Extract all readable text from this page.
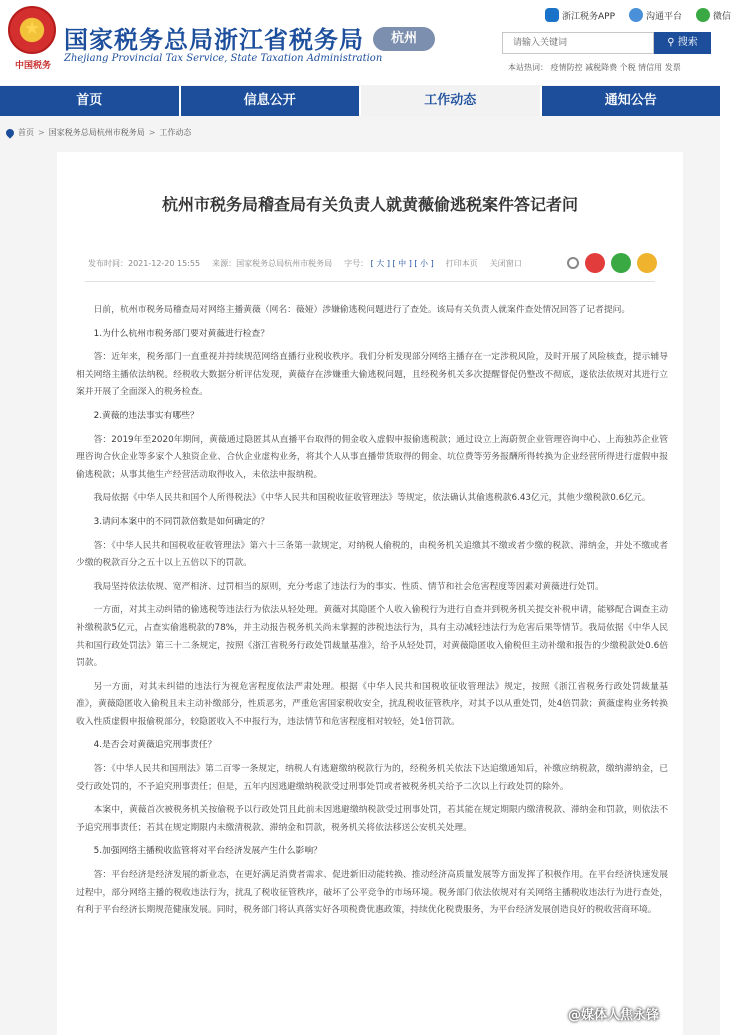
★
中国税务
国家税务总局浙江省税务局
Zhejiang Provincial Tax Service, State Taxation Administration
杭州
浙江税务APP	沟通平台	微信
请输入关键词	⚲ 搜索
本站热词： 疫情防控 减税降费 个税 情信用 发票
首页	信息公开	工作动态	通知公告
首页 > 国家税务总局杭州市税务局 > 工作动态
杭州市税务局稽查局有关负责人就黄薇偷逃税案件答记者问
发布时间：2021-12-20 15:55 来源：国家税务总局杭州市税务局 字号： [ 大 ] [ 中 ] [ 小 ] 打印本页 关闭窗口

日前，杭州市税务局稽查局对网络主播黄薇（网名：薇娅）涉嫌偷逃税问题进行了查处。该局有关负责人就案件查处情况回答了记者提问。

1.为什么杭州市税务部门要对黄薇进行检查？

答：近年来，税务部门一直重视并持续规范网络直播行业税收秩序。我们分析发现部分网络主播存在一定涉税风险，及时开展了风险核查，提示辅导相关网络主播依法纳税。经税收大数据分析评估发现，黄薇存在涉嫌重大偷逃税问题，且经税务机关多次提醒督促仍整改不彻底，遂依法依规对其进行立案并开展了全面深入的税务检查。

2.黄薇的违法事实有哪些？

答：2019年至2020年期间，黄薇通过隐匿其从直播平台取得的佣金收入虚假申报偷逃税款；通过设立上海蔚贺企业管理咨询中心、上海独苏企业管理咨询合伙企业等多家个人独资企业、合伙企业虚构业务，将其个人从事直播带货取得的佣金、坑位费等劳务报酬所得转换为企业经营所得进行虚假申报偷逃税款；从事其他生产经营活动取得收入，未依法申报纳税。

我局依据《中华人民共和国个人所得税法》《中华人民共和国税收征收管理法》等规定，依法确认其偷逃税款6.43亿元，其他少缴税款0.6亿元。

3.请问本案中的不同罚款倍数是如何确定的？

答：《中华人民共和国税收征收管理法》第六十三条第一款规定，对纳税人偷税的，由税务机关追缴其不缴或者少缴的税款、滞纳金，并处不缴或者少缴的税款百分之五十以上五倍以下的罚款。

我局坚持依法依规、宽严相济、过罚相当的原则，充分考虑了违法行为的事实、性质、情节和社会危害程度等因素对黄薇进行处罚。

一方面，对其主动纠错的偷逃税等违法行为依法从轻处理。黄薇对其隐匿个人收入偷税行为进行自查并到税务机关提交补税申请，能够配合调查主动补缴税款5亿元，占查实偷逃税款的78%，并主动报告税务机关尚未掌握的涉税违法行为，具有主动减轻违法行为危害后果等情节。我局依据《中华人民共和国行政处罚法》第三十二条规定，按照《浙江省税务行政处罚裁量基准》，给予从轻处罚，对黄薇隐匿收入偷税但主动补缴和报告的少缴税款处0.6倍罚款。

另一方面，对其未纠错的违法行为视危害程度依法严肃处理。根据《中华人民共和国税收征收管理法》规定，按照《浙江省税务行政处罚裁量基准》，黄薇隐匿收入偷税且未主动补缴部分，性质恶劣，严重危害国家税收安全，扰乱税收征管秩序，对其予以从重处罚，处4倍罚款；黄薇虚构业务转换收入性质虚假申报偷税部分，较隐匿收入不申报行为，违法情节和危害程度相对较轻，处1倍罚款。

4.是否会对黄薇追究刑事责任？

答：《中华人民共和国刑法》第二百零一条规定，纳税人有逃避缴纳税款行为的，经税务机关依法下达追缴通知后，补缴应纳税款，缴纳滞纳金，已受行政处罚的，不予追究刑事责任；但是，五年内因逃避缴纳税款受过刑事处罚或者被税务机关给予二次以上行政处罚的除外。

本案中，黄薇首次被税务机关按偷税予以行政处罚且此前未因逃避缴纳税款受过刑事处罚，若其能在规定期限内缴清税款、滞纳金和罚款，则依法不予追究刑事责任；若其在规定期限内未缴清税款、滞纳金和罚款，税务机关将依法移送公安机关处理。

5.加强网络主播税收监管将对平台经济发展产生什么影响？

答：平台经济是经济发展的新业态，在更好满足消费者需求、促进新旧动能转换、推动经济高质量发展等方面发挥了积极作用。在平台经济快速发展过程中，部分网络主播的税收违法行为，扰乱了税收征管秩序，破坏了公平竞争的市场环境。税务部门依法依规对有关网络主播税收违法行为进行查处，有利于平台经济长期规范健康发展。同时，税务部门将认真落实好各项税费优惠政策，持续优化税费服务，为平台经济发展创造良好的税收营商环境。

@媒体人焦永锋
